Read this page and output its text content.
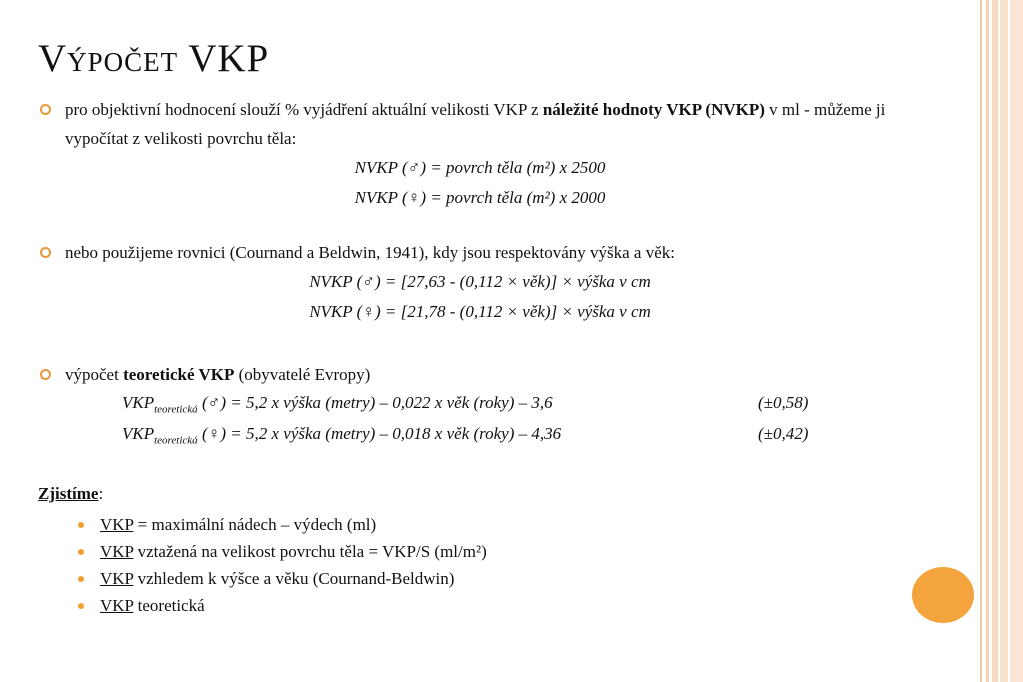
Výpočet VKP
pro objektivní hodnocení slouží % vyjádření aktuální velikosti VKP z náležité hodnoty VKP (NVKP) v ml - můžeme ji vypočítat z velikosti povrchu těla:
NVKP (♂) = povrch těla (m²) x 2500
NVKP (♀) = povrch těla (m²) x 2000
nebo použijeme rovnici (Cournand a Beldwin, 1941), kdy jsou respektovány výška a věk:
NVKP (♂) = [27,63 - (0,112 × věk)] × výška v cm
NVKP (♀) = [21,78 - (0,112 × věk)] × výška v cm
výpočet teoretické VKP (obyvatelé Evropy)
$VKP_{teoretická}$ (♂) = 5,2 x výška (metry) – 0,022 x věk (roky) – 3,6	(±0,58)
$VKP_{teoretická}$ (♀) = 5,2 x výška (metry) – 0,018 x věk (roky) – 4,36	(±0,42)
Zjistíme:
VKP = maximální nádech – výdech (ml)
VKP vztažená na velikost povrchu těla = VKP/S (ml/m²)
VKP vzhledem k výšce a věku (Cournand-Beldwin)
VKP teoretická
